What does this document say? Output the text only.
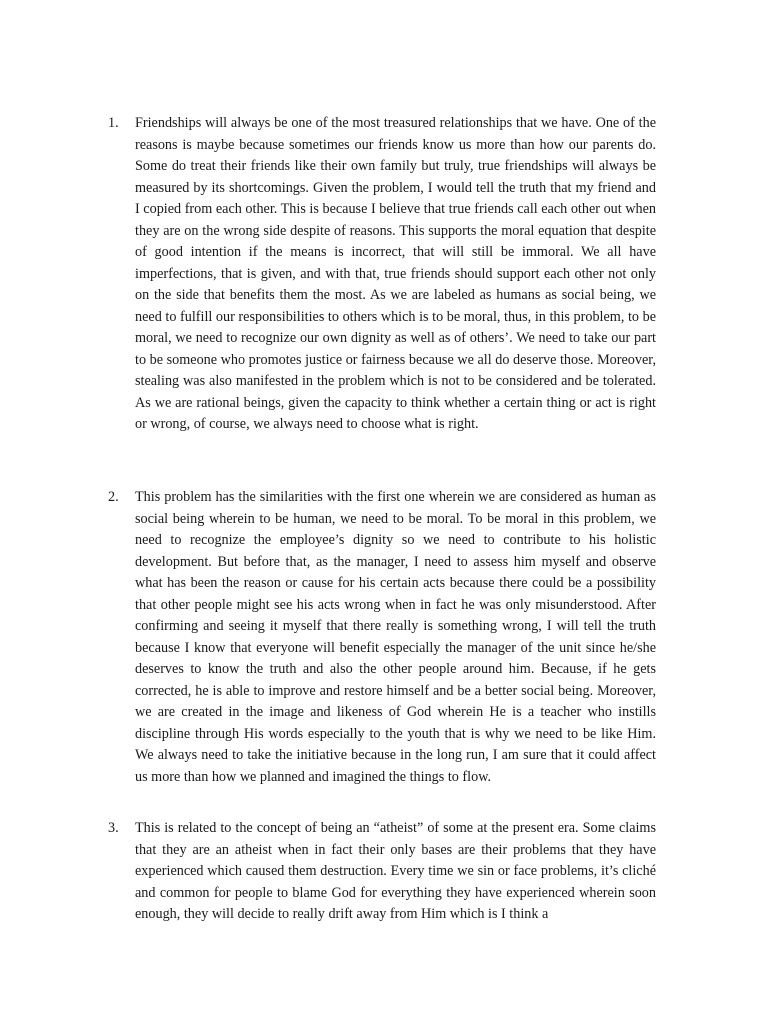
1.	Friendships will always be one of the most treasured relationships that we have. One of the reasons is maybe because sometimes our friends know us more than how our parents do. Some do treat their friends like their own family but truly, true friendships will always be measured by its shortcomings. Given the problem, I would tell the truth that my friend and I copied from each other. This is because I believe that true friends call each other out when they are on the wrong side despite of reasons. This supports the moral equation that despite of good intention if the means is incorrect, that will still be immoral. We all have imperfections, that is given, and with that, true friends should support each other not only on the side that benefits them the most. As we are labeled as humans as social being, we need to fulfill our responsibilities to others which is to be moral, thus, in this problem, to be moral, we need to recognize our own dignity as well as of others’. We need to take our part to be someone who promotes justice or fairness because we all do deserve those. Moreover, stealing was also manifested in the problem which is not to be considered and be tolerated. As we are rational beings, given the capacity to think whether a certain thing or act is right or wrong, of course, we always need to choose what is right.

2.	This problem has the similarities with the first one wherein we are considered as human as social being wherein to be human, we need to be moral. To be moral in this problem, we need to recognize the employee’s dignity so we need to contribute to his holistic development. But before that, as the manager, I need to assess him myself and observe what has been the reason or cause for his certain acts because there could be a possibility that other people might see his acts wrong when in fact he was only misunderstood. After confirming and seeing it myself that there really is something wrong, I will tell the truth because I know that everyone will benefit especially the manager of the unit since he/she deserves to know the truth and also the other people around him. Because, if he gets corrected, he is able to improve and restore himself and be a better social being. Moreover, we are created in the image and likeness of God wherein He is a teacher who instills discipline through His words especially to the youth that is why we need to be like Him. We always need to take the initiative because in the long run, I am sure that it could affect us more than how we planned and imagined the things to flow.

3.	This is related to the concept of being an “atheist” of some at the present era. Some claims that they are an atheist when in fact their only bases are their problems that they have experienced which caused them destruction. Every time we sin or face problems, it’s cliché and common for people to blame God for everything they have experienced wherein soon enough, they will decide to really drift away from Him which is I think a
